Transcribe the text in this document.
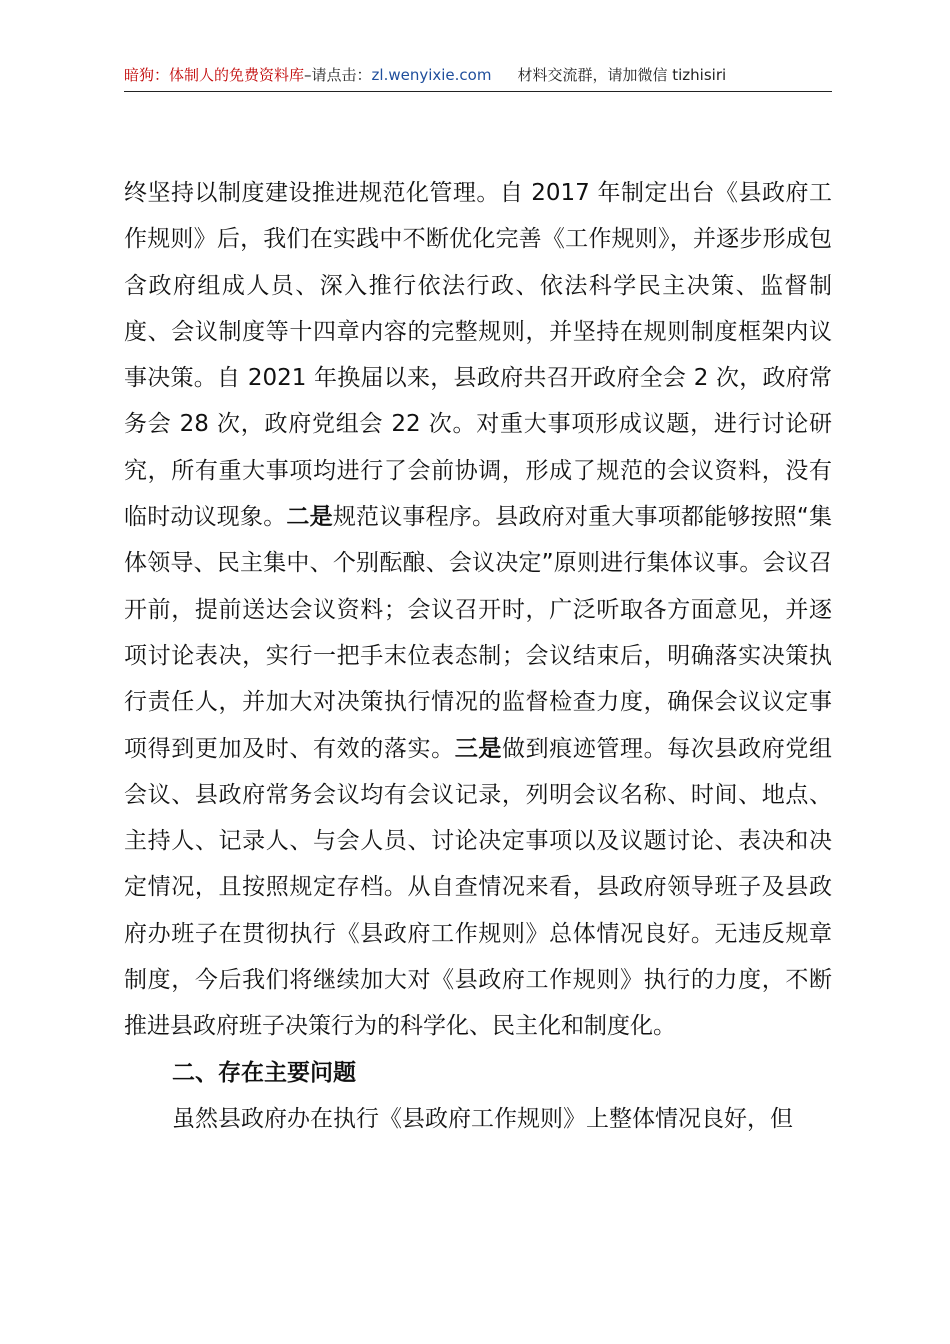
暗狗：体制人的免费资料库–请点击：zl.wenyixie.com 材料交流群，请加微信 tizhisiri

终坚持以制度建设推进规范化管理。自 2017 年制定出台《县政府工作规则》后，我们在实践中不断优化完善《工作规则》，并逐步形成包含政府组成人员、深入推行依法行政、依法科学民主决策、监督制度、会议制度等十四章内容的完整规则，并坚持在规则制度框架内议事决策。自 2021 年换届以来，县政府共召开政府全会 2 次，政府常务会 28 次，政府党组会 22 次。对重大事项形成议题，进行讨论研究，所有重大事项均进行了会前协调，形成了规范的会议资料，没有临时动议现象。二是规范议事程序。县政府对重大事项都能够按照“集体领导、民主集中、个别酝酿、会议决定”原则进行集体议事。会议召开前，提前送达会议资料；会议召开时，广泛听取各方面意见，并逐项讨论表决，实行一把手末位表态制；会议结束后，明确落实决策执行责任人，并加大对决策执行情况的监督检查力度，确保会议议定事项得到更加及时、有效的落实。三是做到痕迹管理。每次县政府党组会议、县政府常务会议均有会议记录，列明会议名称、时间、地点、主持人、记录人、与会人员、讨论决定事项以及议题讨论、表决和决定情况，且按照规定存档。从自查情况来看，县政府领导班子及县政府办班子在贯彻执行《县政府工作规则》总体情况良好。无违反规章制度，今后我们将继续加大对《县政府工作规则》执行的力度，不断推进县政府班子决策行为的科学化、民主化和制度化。

二、存在主要问题

虽然县政府办在执行《县政府工作规则》上整体情况良好，但
